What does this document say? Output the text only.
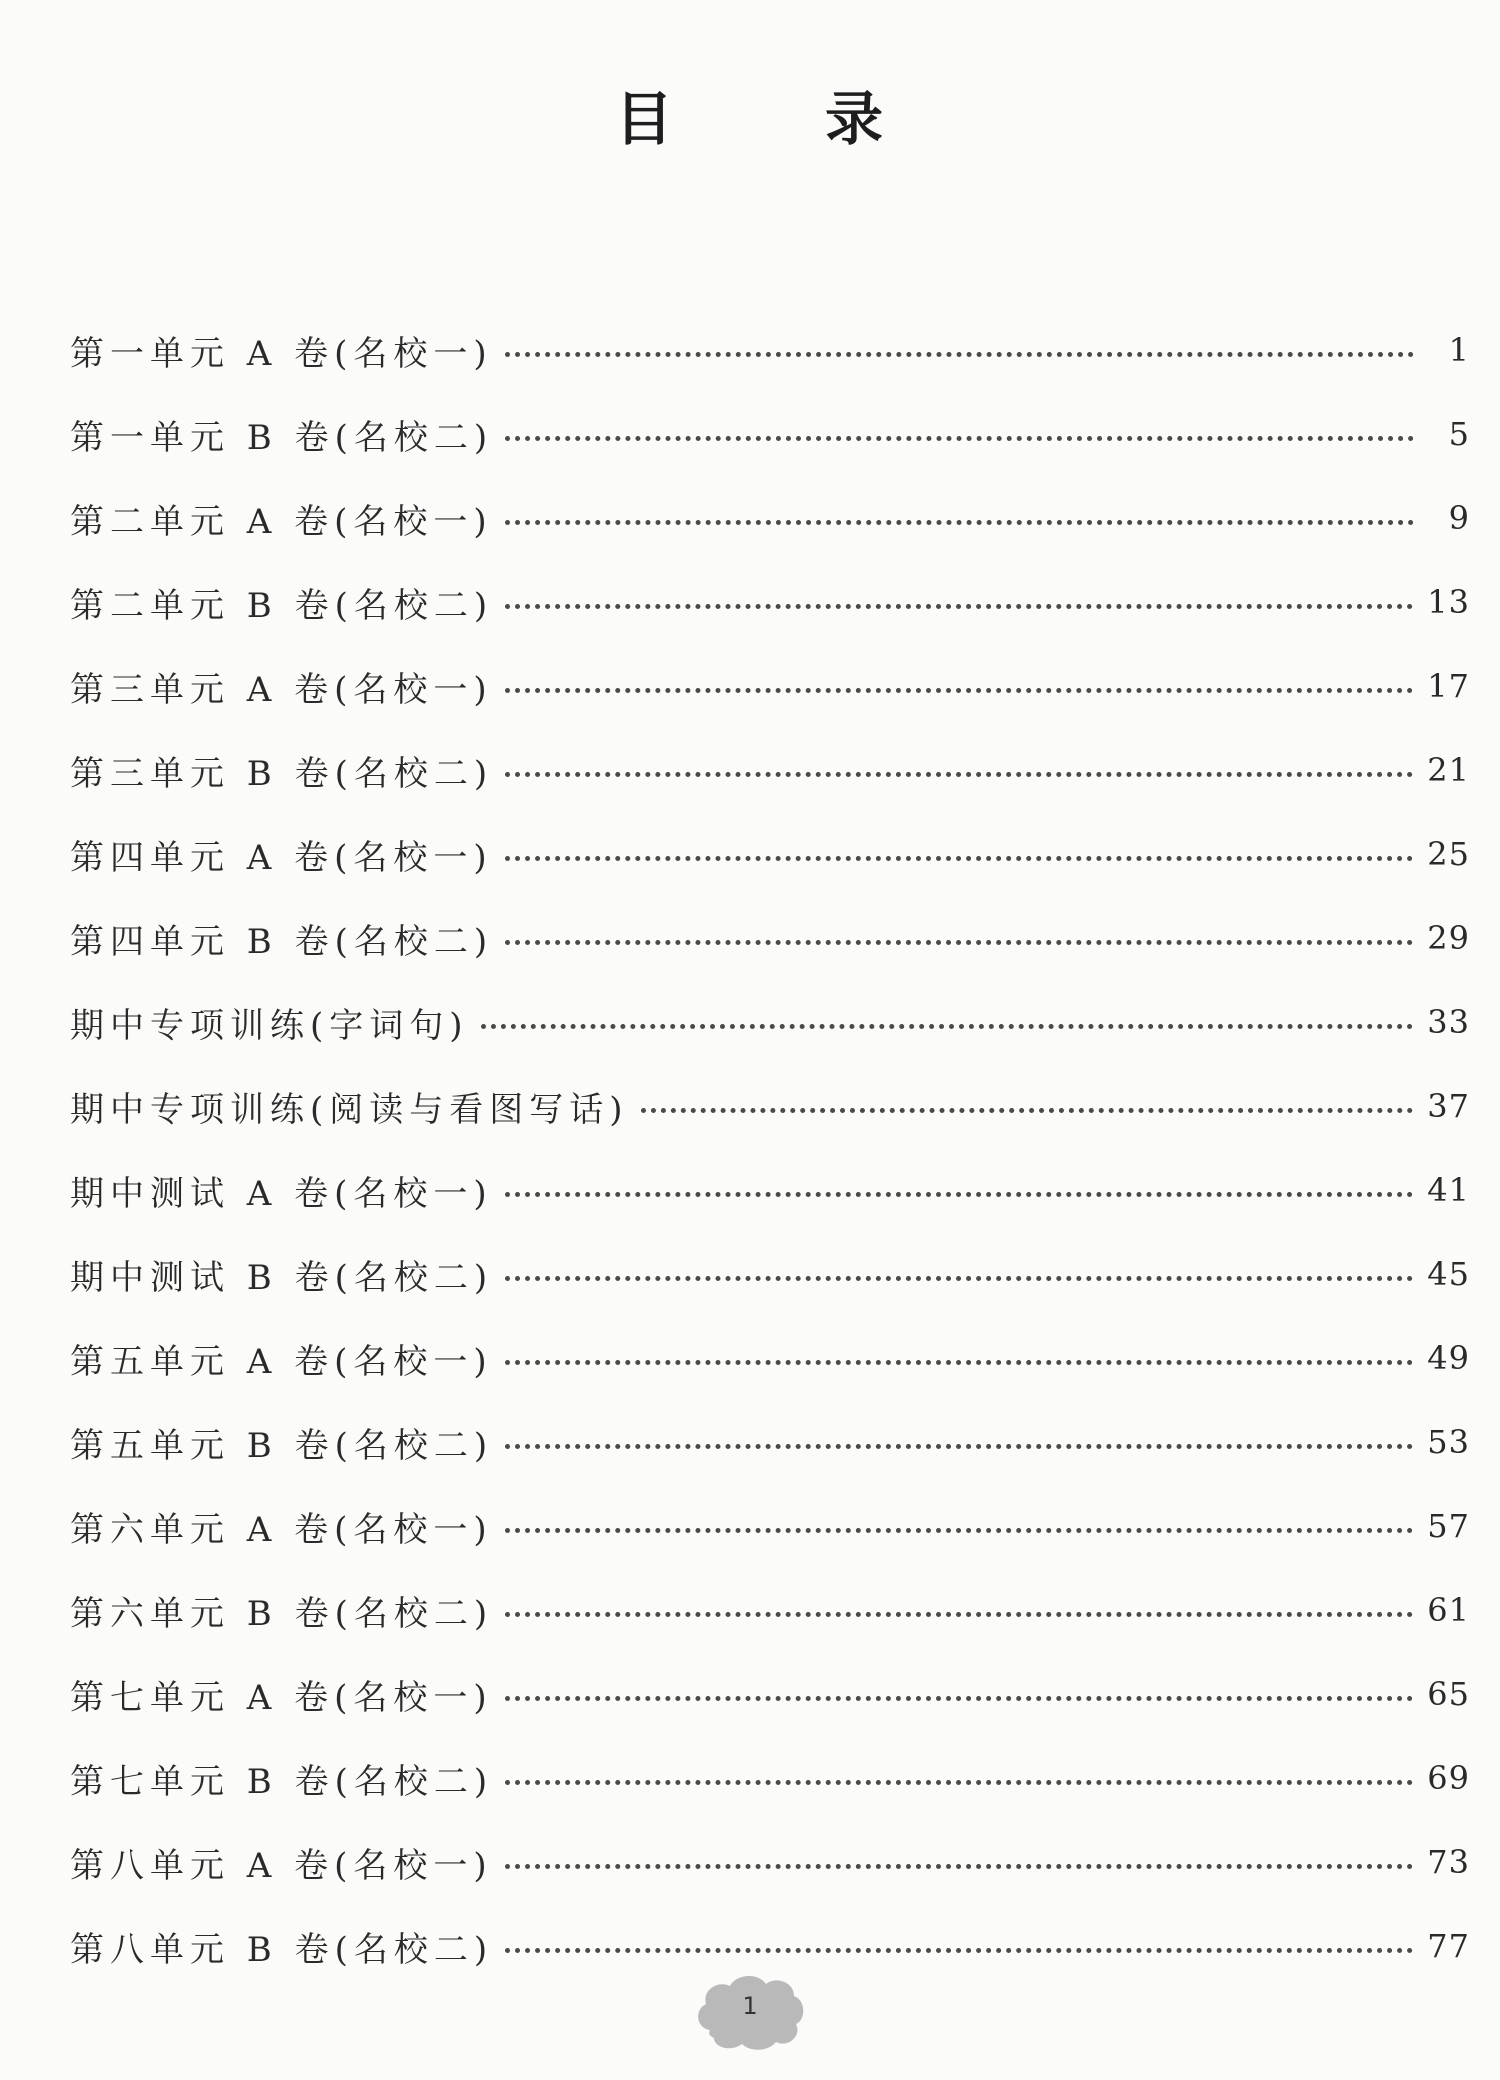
目	录
第一单元 A 卷(名校一)	1
第一单元 B 卷(名校二)	5
第二单元 A 卷(名校一)	9
第二单元 B 卷(名校二)	13
第三单元 A 卷(名校一)	17
第三单元 B 卷(名校二)	21
第四单元 A 卷(名校一)	25
第四单元 B 卷(名校二)	29
期中专项训练(字词句)	33
期中专项训练(阅读与看图写话)	37
期中测试 A 卷(名校一)	41
期中测试 B 卷(名校二)	45
第五单元 A 卷(名校一)	49
第五单元 B 卷(名校二)	53
第六单元 A 卷(名校一)	57
第六单元 B 卷(名校二)	61
第七单元 A 卷(名校一)	65
第七单元 B 卷(名校二)	69
第八单元 A 卷(名校一)	73
第八单元 B 卷(名校二)	77
1
